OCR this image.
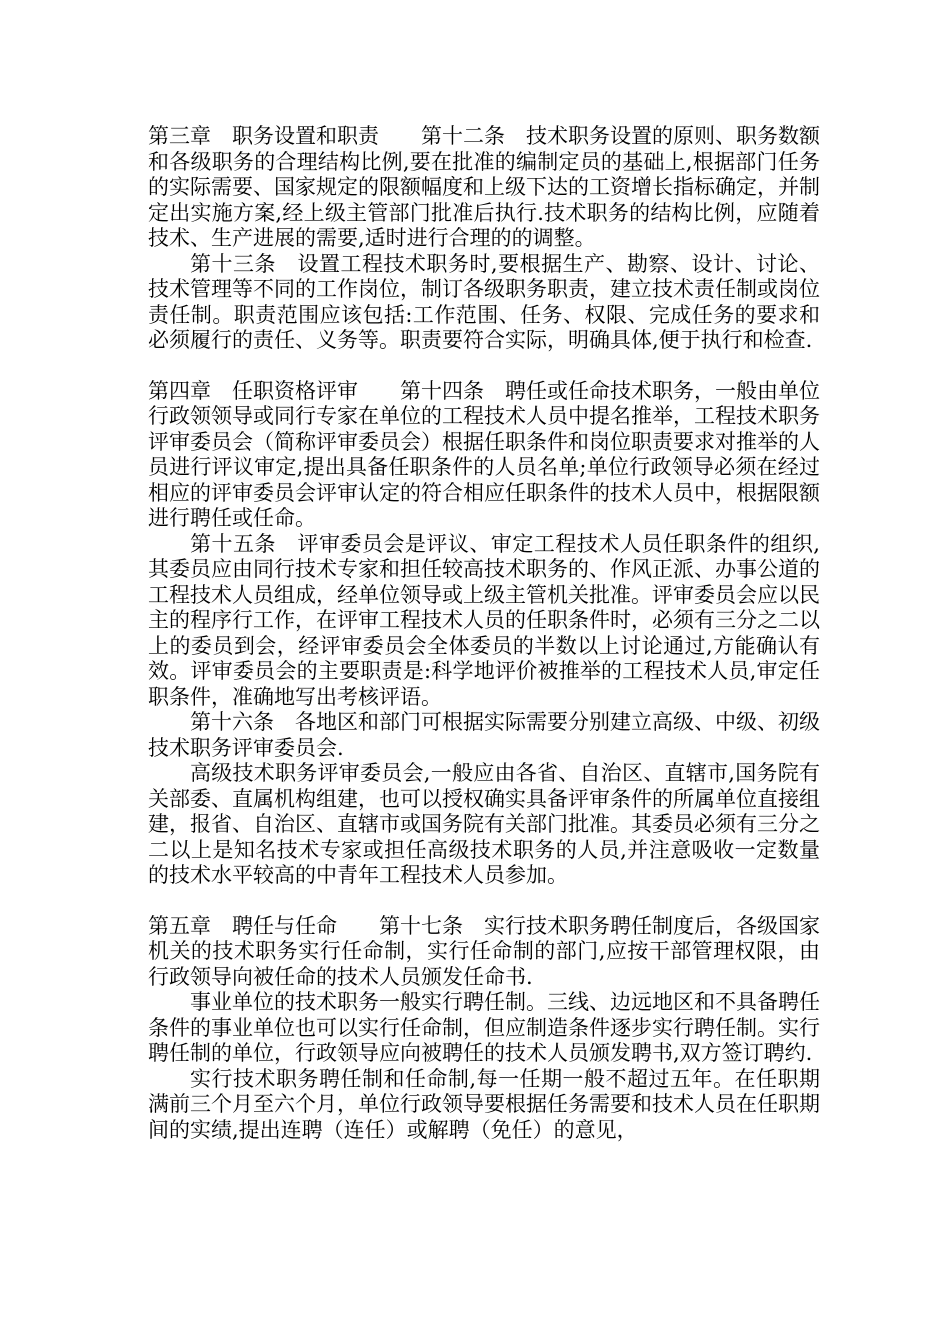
第三章　职务设置和职责　　第十二条　技术职务设置的原则、职务数额和各级职务的合理结构比例,要在批准的编制定员的基础上,根据部门任务的实际需要、国家规定的限额幅度和上级下达的工资增长指标确定，并制定出实施方案,经上级主管部门批准后执行.技术职务的结构比例，应随着技术、生产进展的需要,适时进行合理的的调整。

第十三条　设置工程技术职务时,要根据生产、勘察、设计、讨论、技术管理等不同的工作岗位，制订各级职务职责，建立技术责任制或岗位责任制。职责范围应该包括:工作范围、任务、权限、完成任务的要求和必须履行的责任、义务等。职责要符合实际，明确具体,便于执行和检查.

第四章　任职资格评审　　第十四条　聘任或任命技术职务，一般由单位行政领领导或同行专家在单位的工程技术人员中提名推举，工程技术职务评审委员会（简称评审委员会）根据任职条件和岗位职责要求对推举的人员进行评议审定,提出具备任职条件的人员名单;单位行政领导必须在经过相应的评审委员会评审认定的符合相应任职条件的技术人员中，根据限额进行聘任或任命。

第十五条　评审委员会是评议、审定工程技术人员任职条件的组织,其委员应由同行技术专家和担任较高技术职务的、作风正派、办事公道的工程技术人员组成，经单位领导或上级主管机关批准。评审委员会应以民主的程序行工作，在评审工程技术人员的任职条件时，必须有三分之二以上的委员到会，经评审委员会全体委员的半数以上讨论通过,方能确认有效。评审委员会的主要职责是:科学地评价被推举的工程技术人员,审定任职条件，准确地写出考核评语。

第十六条　各地区和部门可根据实际需要分别建立高级、中级、初级技术职务评审委员会.

高级技术职务评审委员会,一般应由各省、自治区、直辖市,国务院有关部委、直属机构组建，也可以授权确实具备评审条件的所属单位直接组建，报省、自治区、直辖市或国务院有关部门批准。其委员必须有三分之二以上是知名技术专家或担任高级技术职务的人员,并注意吸收一定数量的技术水平较高的中青年工程技术人员参加。

第五章　聘任与任命　　第十七条　实行技术职务聘任制度后，各级国家机关的技术职务实行任命制，实行任命制的部门,应按干部管理权限，由行政领导向被任命的技术人员颁发任命书.

事业单位的技术职务一般实行聘任制。三线、边远地区和不具备聘任条件的事业单位也可以实行任命制，但应制造条件逐步实行聘任制。实行聘任制的单位，行政领导应向被聘任的技术人员颁发聘书,双方签订聘约.

实行技术职务聘任制和任命制,每一任期一般不超过五年。在任职期满前三个月至六个月，单位行政领导要根据任务需要和技术人员在任职期间的实绩,提出连聘（连任）或解聘（免任）的意见，
